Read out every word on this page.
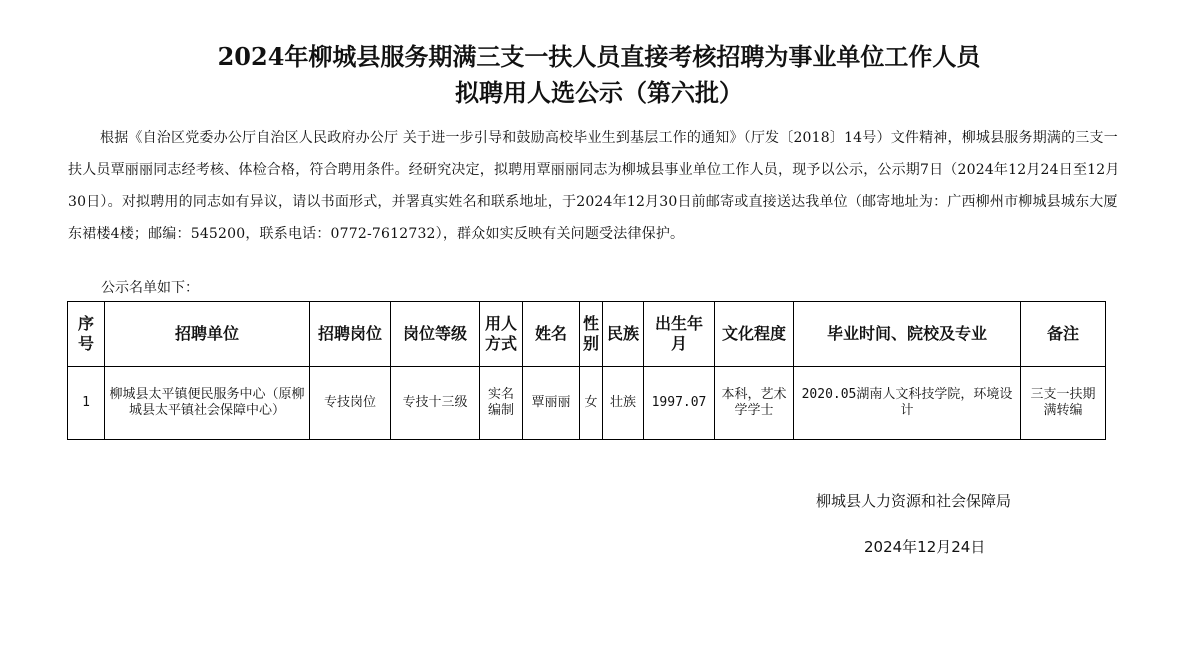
2024年柳城县服务期满三支一扶人员直接考核招聘为事业单位工作人员
拟聘用人选公示（第六批）
根据《自治区党委办公厅自治区人民政府办公厅 关于进一步引导和鼓励高校毕业生到基层工作的通知》（厅发〔2018〕14号）文件精神，柳城县服务期满的三支一扶人员覃丽丽同志经考核、体检合格，符合聘用条件。经研究决定，拟聘用覃丽丽同志为柳城县事业单位工作人员，现予以公示，公示期7日（2024年12月24日至12月30日）。对拟聘用的同志如有异议，请以书面形式，并署真实姓名和联系地址，于2024年12月30日前邮寄或直接送达我单位（邮寄地址为：广西柳州市柳城县城东大厦东裙楼4楼；邮编：545200，联系电话：0772-7612732），群众如实反映有关问题受法律保护。
公示名单如下：
序号	招聘单位	招聘岗位	岗位等级	用人方式	姓名	性别	民族	出生年月	文化程度	毕业时间、院校及专业	备注
1	柳城县太平镇便民服务中心（原柳城县太平镇社会保障中心）	专技岗位	专技十三级	实名编制	覃丽丽	女	壮族	1997.07	本科，艺术学学士	2020.05湖南人文科技学院，环境设计	三支一扶期满转编
柳城县人力资源和社会保障局
2024年12月24日
